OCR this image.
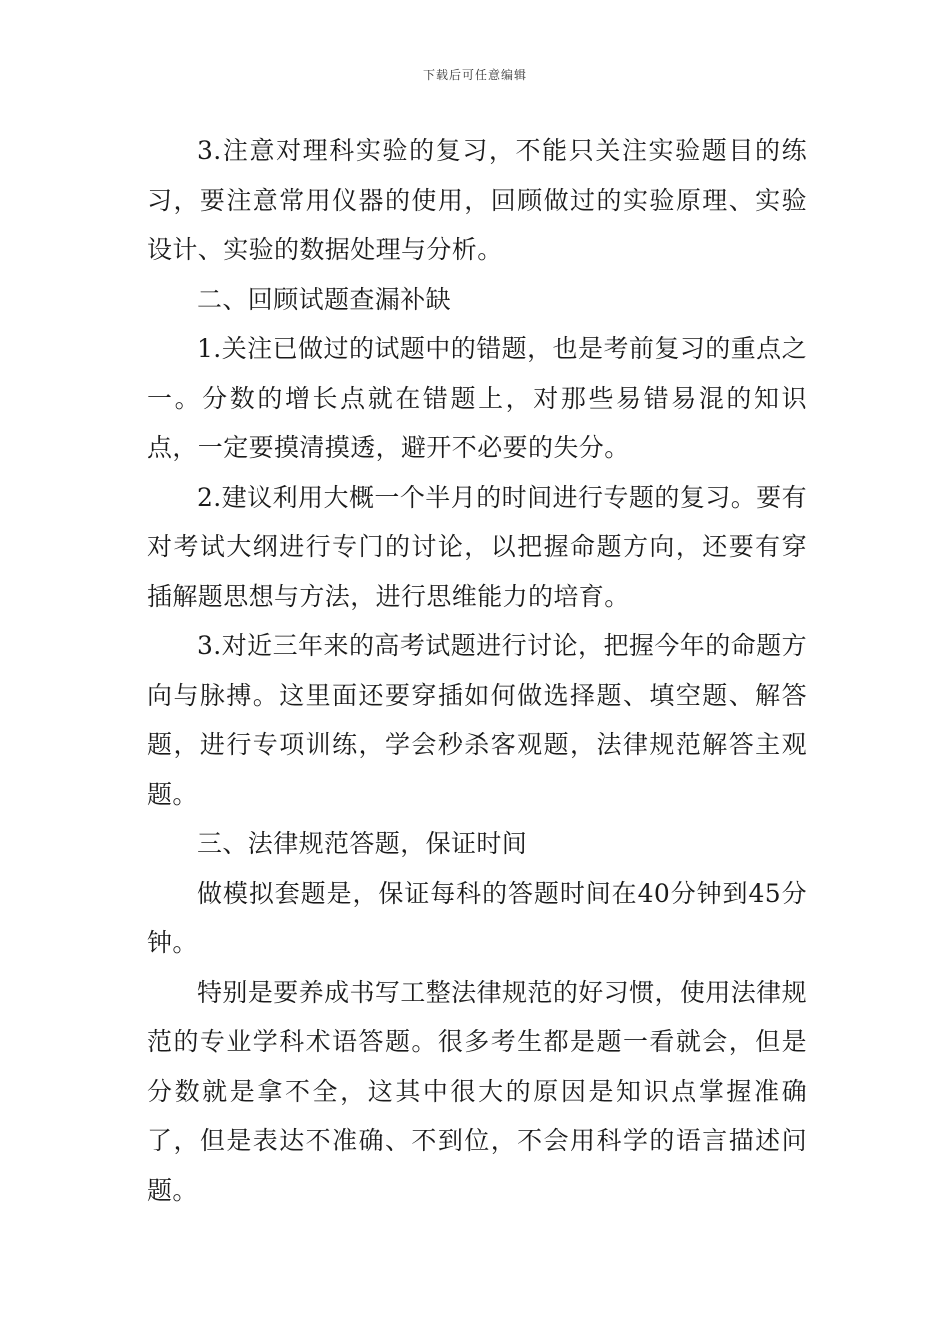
下载后可任意编辑

3.注意对理科实验的复习，不能只关注实验题目的练习，要注意常用仪器的使用，回顾做过的实验原理、实验设计、实验的数据处理与分析。

二、回顾试题查漏补缺

1.关注已做过的试题中的错题，也是考前复习的重点之一。分数的增长点就在错题上，对那些易错易混的知识点，一定要摸清摸透，避开不必要的失分。

2.建议利用大概一个半月的时间进行专题的复习。要有对考试大纲进行专门的讨论，以把握命题方向，还要有穿插解题思想与方法，进行思维能力的培育。

3.对近三年来的高考试题进行讨论，把握今年的命题方向与脉搏。这里面还要穿插如何做选择题、填空题、解答题，进行专项训练，学会秒杀客观题，法律规范解答主观题。

三、法律规范答题，保证时间

做模拟套题是，保证每科的答题时间在40分钟到45分钟。

特别是要养成书写工整法律规范的好习惯，使用法律规范的专业学科术语答题。很多考生都是题一看就会，但是分数就是拿不全，这其中很大的原因是知识点掌握准确了，但是表达不准确、不到位，不会用科学的语言描述问题。
